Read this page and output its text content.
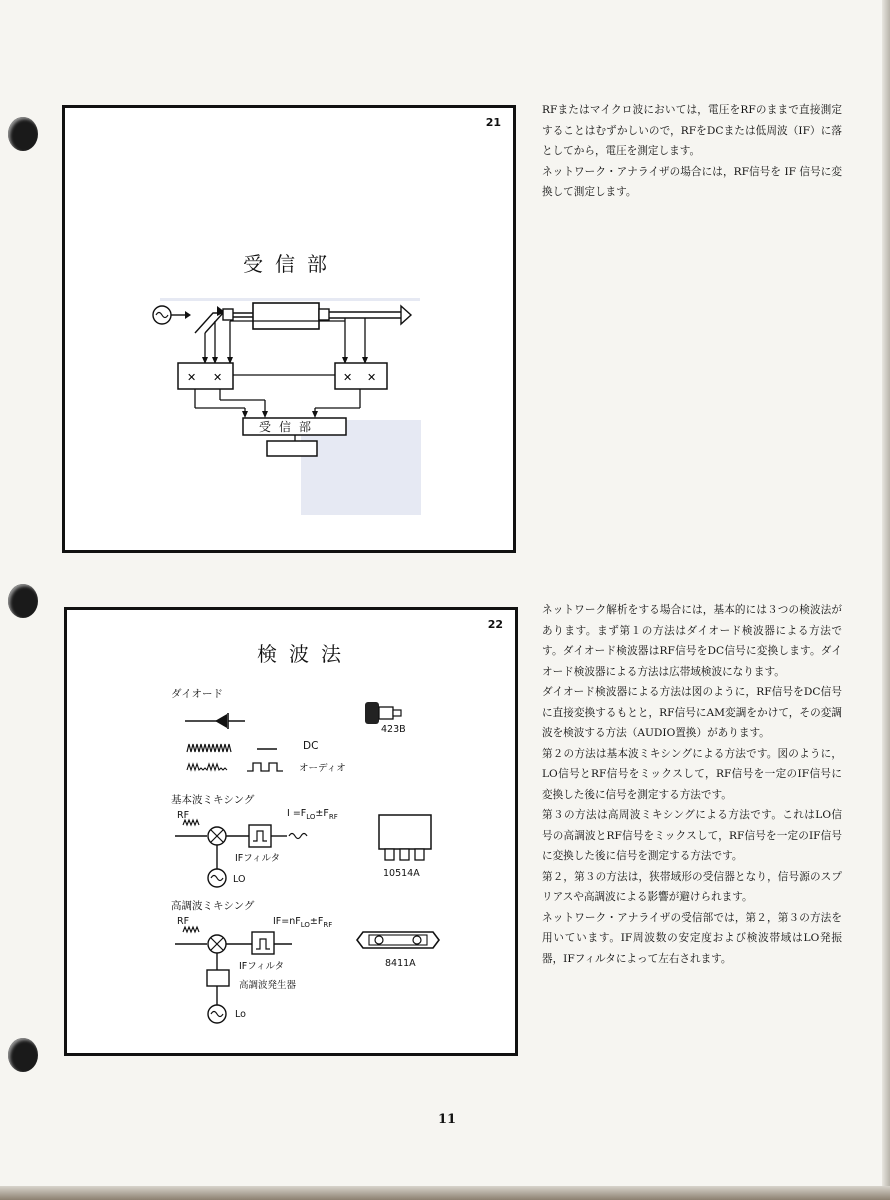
21
受信部
✕ ✕	✕ ✕
受信部
22
検波法
ダイオード
DC
オーディオ
基本波ミキシング
RF	$I =F_{LO}\pm F_{RF}$
IFフィルタ
LO
高調波ミキシング
RF	$IF=nF_{LO}\pm F_{RF}$
IFフィルタ
高調波発生器
Lo
423B
10514A
8411A

RFまたはマイクロ波においては，電圧をRFのままで直接測定することはむずかしいので，RFをDCまたは低周波（IF）に落としてから，電圧を測定します。

ネットワーク・アナライザの場合には，RF信号を IF 信号に変換して測定します。

ネットワーク解析をする場合には，基本的には３つの検波法があります。まず第１の方法はダイオード検波器による方法です。ダイオード検波器はRF信号をDC信号に変換します。ダイオード検波器による方法は広帯域検波になります。

ダイオード検波器による方法は図のように，RF信号をDC信号に直接変換するもとと，RF信号にAM変調をかけて，その変調波を検波する方法（AUDIO置換）があります。

第２の方法は基本波ミキシングによる方法です。図のように，LO信号とRF信号をミックスして，RF信号を一定のIF信号に変換した後に信号を測定する方法です。

第３の方法は高周波ミキシングによる方法です。これはLO信号の高調波とRF信号をミックスして，RF信号を一定のIF信号に変換した後に信号を測定する方法です。

第２，第３の方法は，狭帯域形の受信器となり，信号源のスプリアスや高調波による影響が避けられます。

ネットワーク・アナライザの受信部では，第２，第３の方法を用いています。IF周波数の安定度および検波帯域はLO発振器，IFフィルタによって左右されます。

11
